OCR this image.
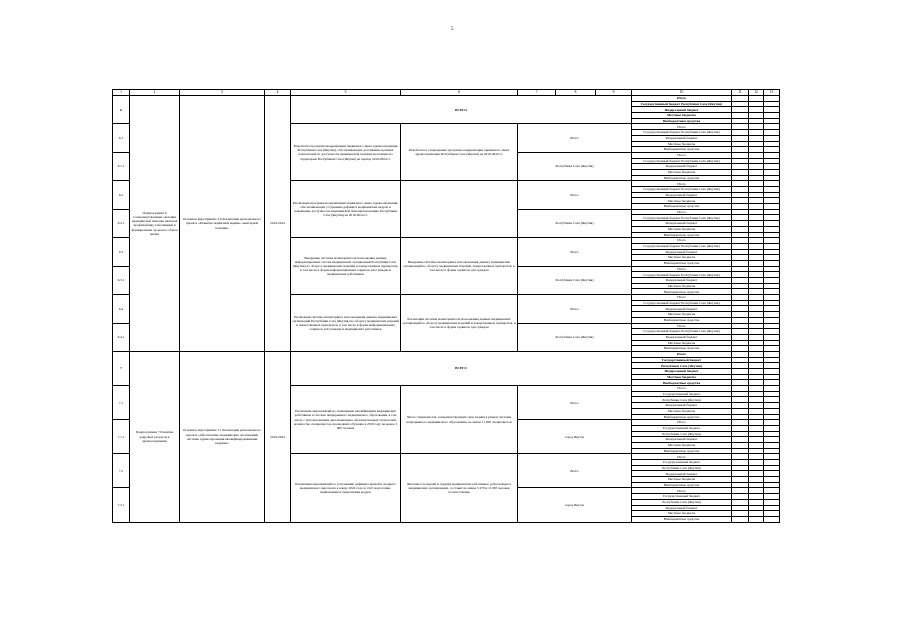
5
1	2	3	4	5	6	7	8	9	10	11	12	13
6	Подпрограмма 6 Совершенствование оказания медицинской помощи, включая профилактику заболеваний и формирование здорового образа жизни	Основное мероприятие 2.6 Реализация регионального проекта «Развитие первичной медико-санитарной помощи»	2019-2024	ВСЕГО					Итого			
									Государственный бюджет Республики Саха (Якутия)			
									Федеральный бюджет			
									Местные бюджеты			
									Внебюджетные средства			
6.1				Разработка программ модернизации первичного звена здравоохранения Республики Саха (Якутия), обеспечивающих достижение целевых показателей по доступности медицинской помощи населению на территории Республики Саха (Якутия) на период 2019-2024 гг.	Разработка и утверждение программ модернизации первичного звена здравоохранения Республики Саха (Якутия) на 2019-2024 гг.	Всего			Итого			
									Государственный бюджет Республики Саха (Якутия)			
									Федеральный бюджет			
									Местные бюджеты			
									Внебюджетные средства			
6.1.1						Республика Саха (Якутия)			Итого			
									Государственный бюджет Республики Саха (Якутия)			
									Федеральный бюджет			
									Местные бюджеты			
									Внебюджетные средства			
6.2				Реализация программ модернизации первичного звена здравоохранения, обеспечивающих устранение дефицита медицинских кадров и повышение доступности медицинской помощи населению Республики Саха (Якутия) на 2019-2024 гг.		Всего			Итого			
									Государственный бюджет Республики Саха (Якутия)			
									Федеральный бюджет			
									Местные бюджеты			
									Внебюджетные средства			
6.2.1						Республика Саха (Якутия)			Итого			
									Государственный бюджет Республики Саха (Якутия)			
									Федеральный бюджет			
									Местные бюджеты			
									Внебюджетные средства			
6.3				Внедрение системы мониторинга использования данных информационных систем медицинских организаций Республики Саха (Якутия) по обороту медицинских изделий и лекарственных препаратов, в том числе в форме информационных сервисов для граждан и медицинских работников	Внедрение системы мониторинга использования данных медицинских организаций по обороту медицинских изделий, лекарственных препаратов, в том числе в форме сервисов для граждан	Всего			Итого			
									Государственный бюджет Республики Саха (Якутия)			
									Федеральный бюджет			
									Местные бюджеты			
									Внебюджетные средства			
6.3.1						Республика Саха (Якутия)			Итого			
									Государственный бюджет Республики Саха (Якутия)			
									Федеральный бюджет			
									Местные бюджеты			
									Внебюджетные средства			
6.4				Реализация системы мониторинга использования данных медицинских организаций Республики Саха (Якутия) по обороту медицинских изделий и лекарственных препаратов, в том числе в форме информационных сервисов для граждан и медицинских работников	Реализация системы мониторинга использования данных медицинских организаций по обороту медицинских изделий и лекарственных препаратов, в том числе в форме сервисов для граждан	Всего			Итого			
									Государственный бюджет Республики Саха (Якутия)			
									Федеральный бюджет			
									Местные бюджеты			
									Внебюджетные средства			
6.4.1						Республика Саха (Якутия)			Итого			
									Государственный бюджет Республики Саха (Якутия)			
									Федеральный бюджет			
									Местные бюджеты			
									Внебюджетные средства			
7	Подпрограмма 7 Развитие кадровых ресурсов в здравоохранении	Основное мероприятие 7.1 Реализация регионального проекта «Обеспечение медицинских организаций системы здравоохранения квалифицированными кадрами»	2019-2024	ВСЕГО					Итого			
									Государственный бюджет			
									Республики Саха (Якутия)			
									Федеральный бюджет			
									Местные бюджеты			
									Внебюджетные средства			
7.1				Реализация мероприятий по повышению квалификации медицинских работников в системе непрерывного медицинского образования, в том числе с использованием дистанционных образовательных технологий, количество специалистов, прошедших обучение в 2019 году не менее 3 000 человек	Число специалистов, совершенствующих свои знания в рамках системы непрерывного медицинского образования, не менее 11 900 специалистов	Всего			Итого			
									Государственный бюджет			
									Республики Саха (Якутия)			
									Федеральный бюджет			
									Местные бюджеты			
									Внебюджетные средства			
7.1.1						город Якутск			Итого			
									Государственный бюджет			
									Республики Саха (Якутия)			
									Федеральный бюджет			
									Местные бюджеты			
									Внебюджетные средства			
7.2				Реализация мероприятий по устранению дефицита врачей и среднего медицинского персонала к концу 2024 года за счёт подготовки, привлечения и закрепления кадров	Численность врачей и средних медицинских работников, работающих в медицинских организациях, составит не менее 5 279 и 11 665 человек соответственно	Всего			Итого			
									Государственный бюджет			
									Республики Саха (Якутия)			
									Федеральный бюджет			
									Местные бюджеты			
									Внебюджетные средства			
7.2.1						город Якутск			Итого			
									Государственный бюджет			
									Республики Саха (Якутия)			
									Федеральный бюджет			
									Местные бюджеты			
									Внебюджетные средства			
